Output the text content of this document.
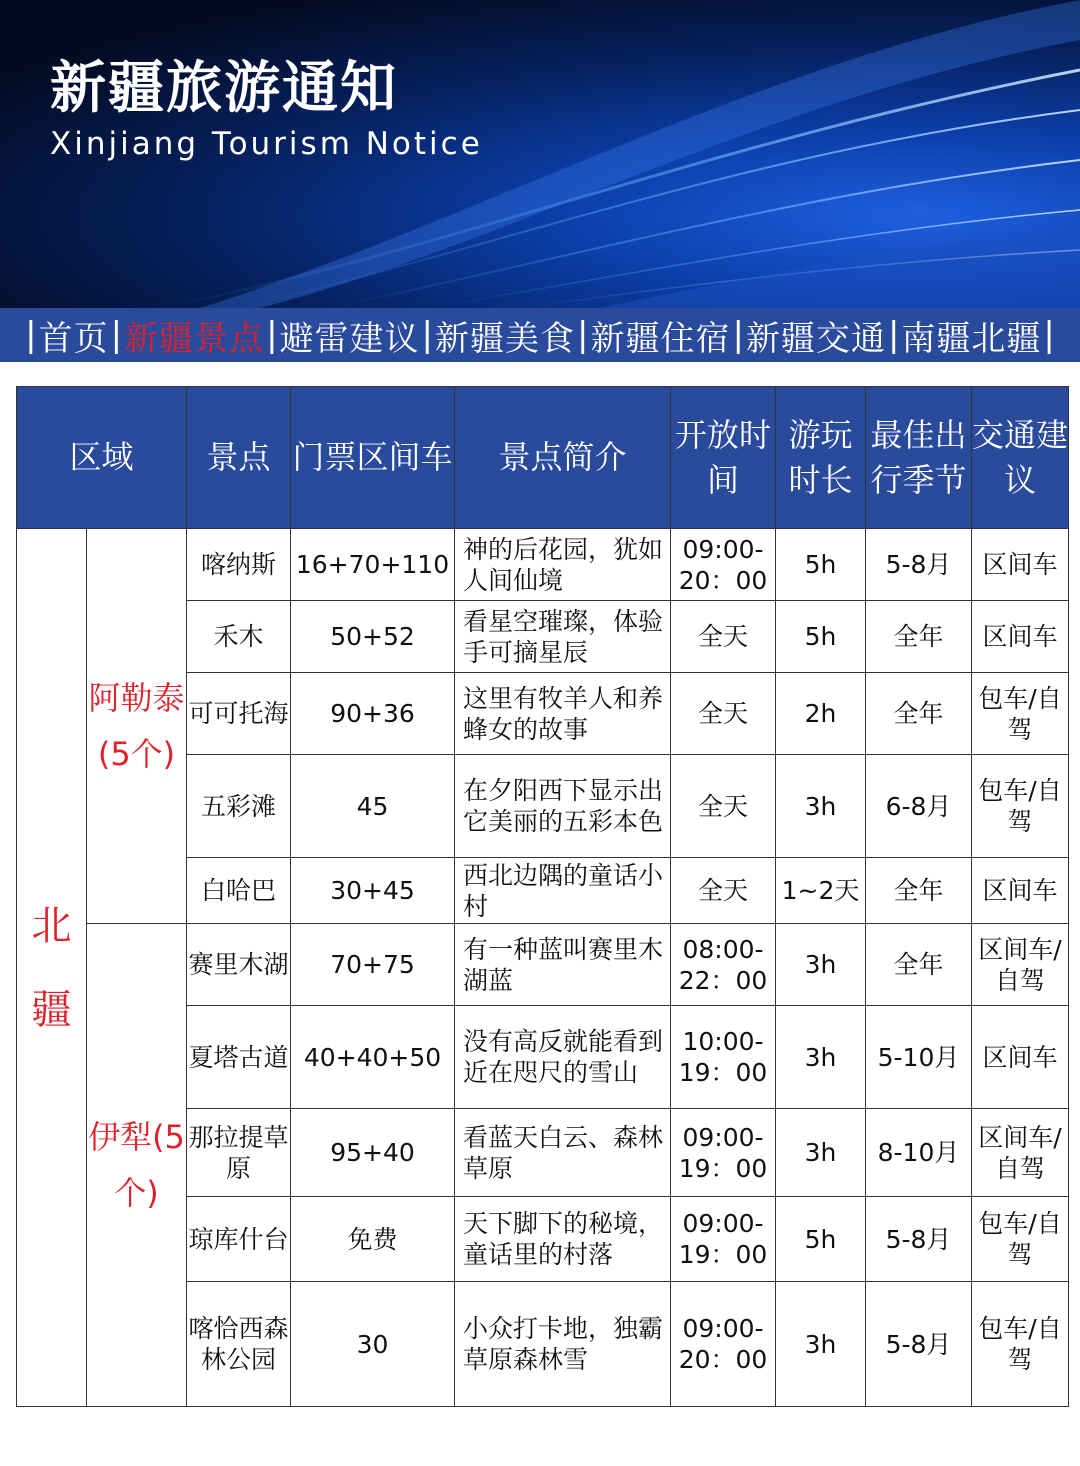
新疆旅游通知
Xinjiang Tourism Notice
| 首页 | 新疆景点 | 避雷建议 | 新疆美食 | 新疆住宿 | 新疆交通 | 南疆北疆 |
区域		景点	门票区间车	景点简介	开放时间	游玩时长	最佳出行季节	交通建议
北疆	阿勒泰(5个)	喀纳斯	16+70+110	神的后花园，犹如人间仙境	09:00-20：00	5h	5-8月	区间车
		禾木	50+52	看星空璀璨，体验手可摘星辰	全天	5h	全年	区间车
		可可托海	90+36	这里有牧羊人和养蜂女的故事	全天	2h	全年	包车/自驾
		五彩滩	45	在夕阳西下显示出它美丽的五彩本色	全天	3h	6-8月	包车/自驾
		白哈巴	30+45	西北边隅的童话小村	全天	1~2天	全年	区间车
	伊犁(5个)	赛里木湖	70+75	有一种蓝叫赛里木湖蓝	08:00-22：00	3h	全年	区间车/自驾
		夏塔古道	40+40+50	没有高反就能看到近在咫尺的雪山	10:00-19：00	3h	5-10月	区间车
		那拉提草原	95+40	看蓝天白云、森林草原	09:00-19：00	3h	8-10月	区间车/自驾
		琼库什台	免费	天下脚下的秘境，童话里的村落	09:00-19：00	5h	5-8月	包车/自驾
		喀恰西森林公园	30	小众打卡地，独霸草原森林雪	09:00-20：00	3h	5-8月	包车/自驾
